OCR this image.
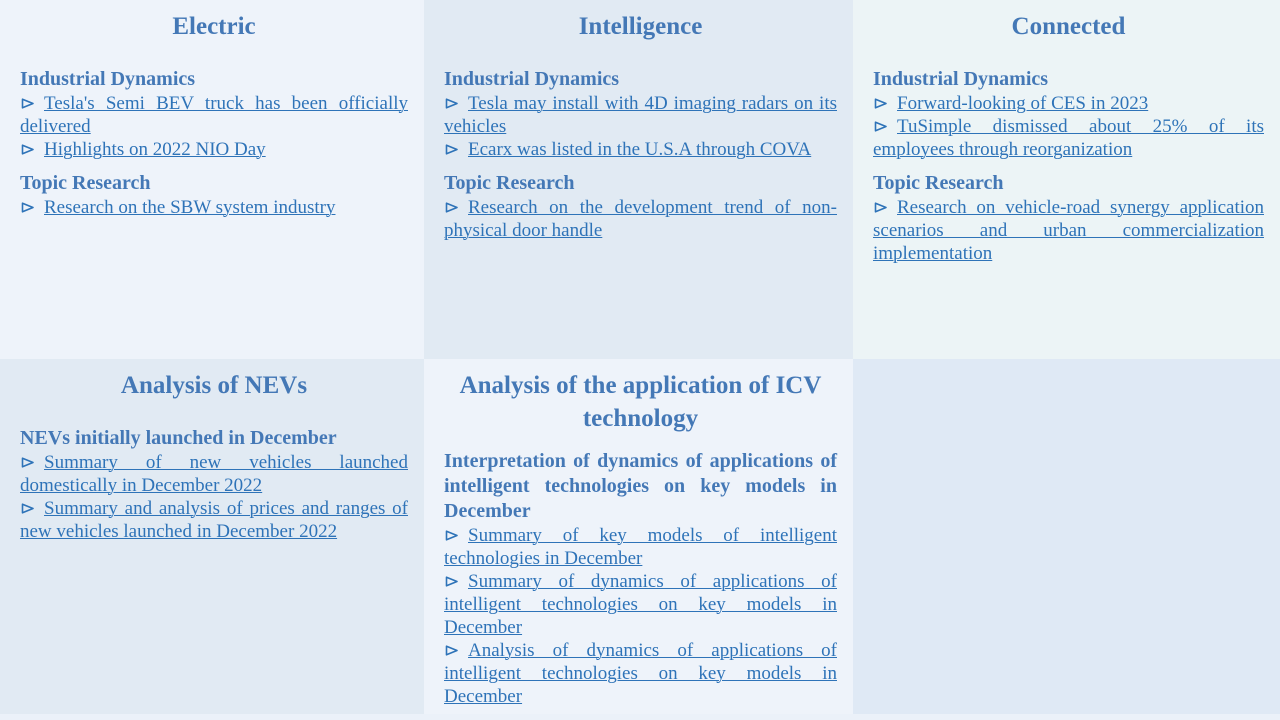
Electric
Industrial Dynamics

Tesla's Semi BEV truck has been officially delivered

Highlights on 2022 NIO Day

Topic Research

Research on the SBW system industry

Intelligence
Industrial Dynamics

Tesla may install with 4D imaging radars on its vehicles

Ecarx was listed in the U.S.A through COVA

Topic Research

Research on the development trend of non-physical door handle

Connected
Industrial Dynamics

Forward-looking of CES in 2023

TuSimple dismissed about 25% of its employees through reorganization

Topic Research

Research on vehicle-road synergy application scenarios and urban commercialization implementation

Analysis of NEVs
NEVs initially launched in December

Summary of new vehicles launched domestically in December 2022

Summary and analysis of prices and ranges of new vehicles launched in December 2022

Analysis of the application of ICV technology
Interpretation of dynamics of applications of intelligent technologies on key models in December

Summary of key models of intelligent technologies in December

Summary of dynamics of applications of intelligent technologies on key models in December

Analysis of dynamics of applications of intelligent technologies on key models in December
